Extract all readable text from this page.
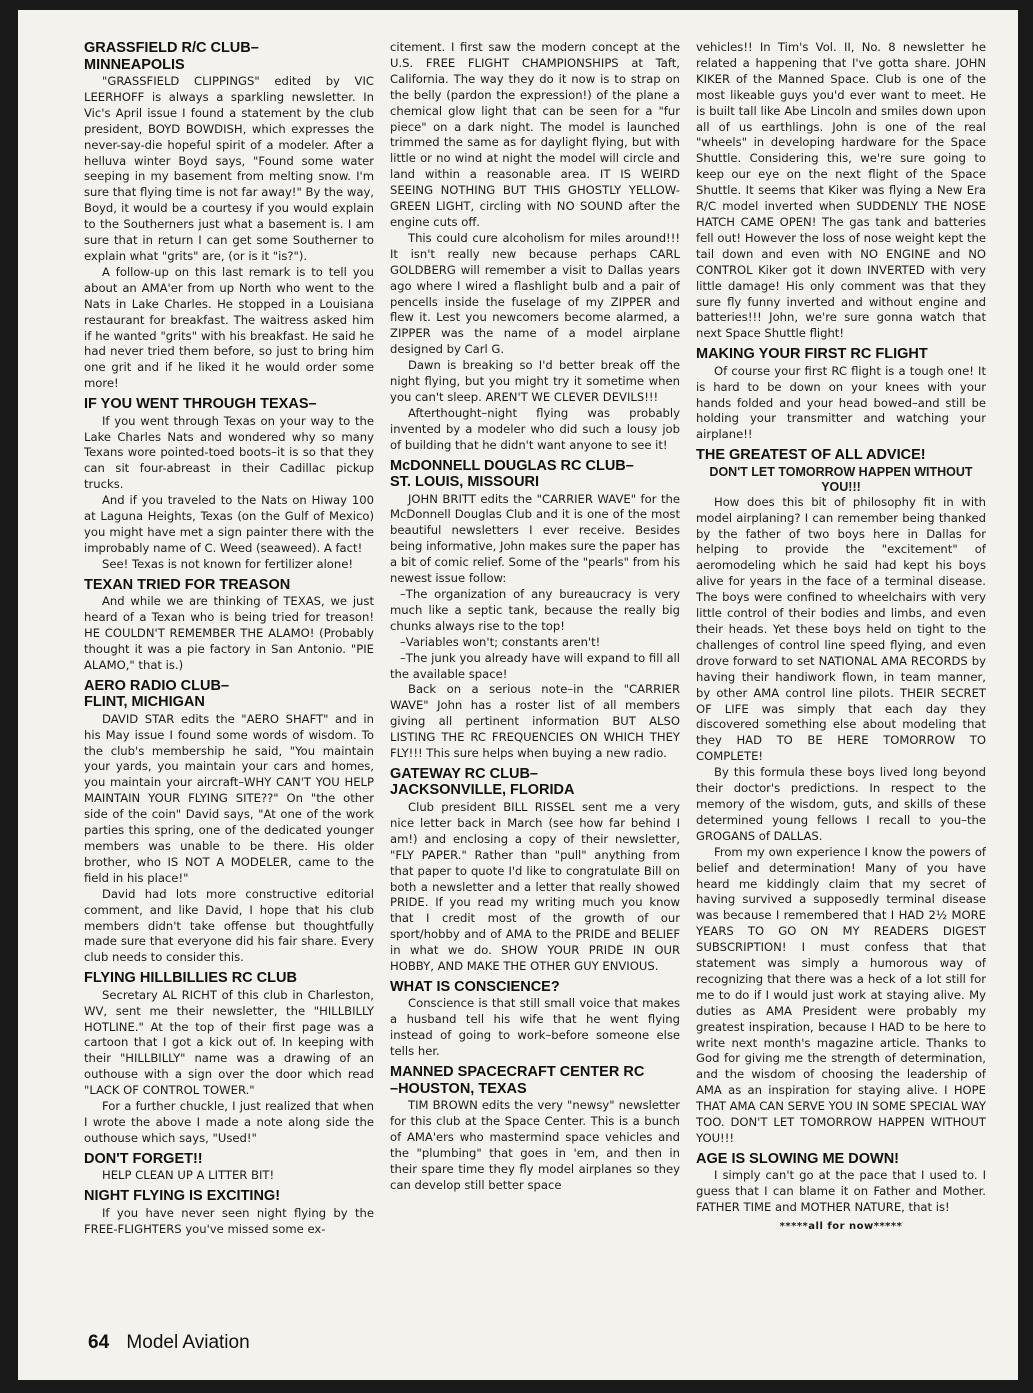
GRASSFIELD R/C CLUB–
MINNEAPOLIS

"GRASSFIELD CLIPPINGS" edited by VIC LEERHOFF is always a sparkling newsletter. In Vic's April issue I found a statement by the club president, BOYD BOWDISH, which expresses the never-say-die hopeful spirit of a modeler. After a helluva winter Boyd says, "Found some water seeping in my basement from melting snow. I'm sure that flying time is not far away!" By the way, Boyd, it would be a courtesy if you would explain to the Southerners just what a basement is. I am sure that in return I can get some Southerner to explain what "grits" are, (or is it "is?").

A follow-up on this last remark is to tell you about an AMA'er from up North who went to the Nats in Lake Charles. He stopped in a Louisiana restaurant for breakfast. The waitress asked him if he wanted "grits" with his breakfast. He said he had never tried them before, so just to bring him one grit and if he liked it he would order some more!

IF YOU WENT THROUGH TEXAS–

If you went through Texas on your way to the Lake Charles Nats and wondered why so many Texans wore pointed-toed boots–it is so that they can sit four-abreast in their Cadillac pickup trucks.

And if you traveled to the Nats on Hiway 100 at Laguna Heights, Texas (on the Gulf of Mexico) you might have met a sign painter there with the improbably name of C. Weed (seaweed). A fact!

See! Texas is not known for fertilizer alone!

TEXAN TRIED FOR TREASON

And while we are thinking of TEXAS, we just heard of a Texan who is being tried for treason! HE COULDN'T REMEMBER THE ALAMO! (Probably thought it was a pie factory in San Antonio. "PIE ALAMO," that is.)

AERO RADIO CLUB–
FLINT, MICHIGAN

DAVID STAR edits the "AERO SHAFT" and in his May issue I found some words of wisdom. To the club's membership he said, "You maintain your yards, you maintain your cars and homes, you maintain your aircraft–WHY CAN'T YOU HELP MAINTAIN YOUR FLYING SITE??" On "the other side of the coin" David says, "At one of the work parties this spring, one of the dedicated younger members was unable to be there. His older brother, who IS NOT A MODELER, came to the field in his place!"

David had lots more constructive editorial comment, and like David, I hope that his club members didn't take offense but thoughtfully made sure that everyone did his fair share. Every club needs to consider this.

FLYING HILLBILLIES RC CLUB

Secretary AL RICHT of this club in Charleston, WV, sent me their newsletter, the "HILLBILLY HOTLINE." At the top of their first page was a cartoon that I got a kick out of. In keeping with their "HILLBILLY" name was a drawing of an outhouse with a sign over the door which read "LACK OF CONTROL TOWER."

For a further chuckle, I just realized that when I wrote the above I made a note along side the outhouse which says, "Used!"

DON'T FORGET!!

HELP CLEAN UP A LITTER BIT!

NIGHT FLYING IS EXCITING!

If you have never seen night flying by the FREE-FLIGHTERS you've missed some ex-

citement. I first saw the modern concept at the U.S. FREE FLIGHT CHAMPIONSHIPS at Taft, California. The way they do it now is to strap on the belly (pardon the expression!) of the plane a chemical glow light that can be seen for a "fur piece" on a dark night. The model is launched trimmed the same as for daylight flying, but with little or no wind at night the model will circle and land within a reasonable area. IT IS WEIRD SEEING NOTHING BUT THIS GHOSTLY YELLOW-GREEN LIGHT, circling with NO SOUND after the engine cuts off.

This could cure alcoholism for miles around!!! It isn't really new because perhaps CARL GOLDBERG will remember a visit to Dallas years ago where I wired a flashlight bulb and a pair of pencells inside the fuselage of my ZIPPER and flew it. Lest you newcomers become alarmed, a ZIPPER was the name of a model airplane designed by Carl G.

Dawn is breaking so I'd better break off the night flying, but you might try it sometime when you can't sleep. AREN'T WE CLEVER DEVILS!!!

Afterthought–night flying was probably invented by a modeler who did such a lousy job of building that he didn't want anyone to see it!

McDONNELL DOUGLAS RC CLUB–
ST. LOUIS, MISSOURI

JOHN BRITT edits the "CARRIER WAVE" for the McDonnell Douglas Club and it is one of the most beautiful newsletters I ever receive. Besides being informative, John makes sure the paper has a bit of comic relief. Some of the "pearls" from his newest issue follow:

–The organization of any bureaucracy is very much like a septic tank, because the really big chunks always rise to the top!

–Variables won't; constants aren't!

–The junk you already have will expand to fill all the available space!

Back on a serious note–in the "CARRIER WAVE" John has a roster list of all members giving all pertinent information BUT ALSO LISTING THE RC FREQUENCIES ON WHICH THEY FLY!!! This sure helps when buying a new radio.

GATEWAY RC CLUB–
JACKSONVILLE, FLORIDA

Club president BILL RISSEL sent me a very nice letter back in March (see how far behind I am!) and enclosing a copy of their newsletter, "FLY PAPER." Rather than "pull" anything from that paper to quote I'd like to congratulate Bill on both a newsletter and a letter that really showed PRIDE. If you read my writing much you know that I credit most of the growth of our sport/hobby and of AMA to the PRIDE and BELIEF in what we do. SHOW YOUR PRIDE IN OUR HOBBY, AND MAKE THE OTHER GUY ENVIOUS.

WHAT IS CONSCIENCE?

Conscience is that still small voice that makes a husband tell his wife that he went flying instead of going to work–before someone else tells her.

MANNED SPACECRAFT CENTER RC
–HOUSTON, TEXAS

TIM BROWN edits the very "newsy" newsletter for this club at the Space Center. This is a bunch of AMA'ers who mastermind space vehicles and the "plumbing" that goes in 'em, and then in their spare time they fly model airplanes so they can develop still better space

vehicles!! In Tim's Vol. II, No. 8 newsletter he related a happening that I've gotta share. JOHN KIKER of the Manned Space. Club is one of the most likeable guys you'd ever want to meet. He is built tall like Abe Lincoln and smiles down upon all of us earthlings. John is one of the real "wheels" in developing hardware for the Space Shuttle. Considering this, we're sure going to keep our eye on the next flight of the Space Shuttle. It seems that Kiker was flying a New Era R/C model inverted when SUDDENLY THE NOSE HATCH CAME OPEN! The gas tank and batteries fell out! However the loss of nose weight kept the tail down and even with NO ENGINE and NO CONTROL Kiker got it down INVERTED with very little damage! His only comment was that they sure fly funny inverted and without engine and batteries!!! John, we're sure gonna watch that next Space Shuttle flight!

MAKING YOUR FIRST RC FLIGHT

Of course your first RC flight is a tough one! It is hard to be down on your knees with your hands folded and your head bowed–and still be holding your transmitter and watching your airplane!!

THE GREATEST OF ALL ADVICE!
DON'T LET TOMORROW HAPPEN WITHOUT YOU!!!

How does this bit of philosophy fit in with model airplaning? I can remember being thanked by the father of two boys here in Dallas for helping to provide the "excitement" of aeromodeling which he said had kept his boys alive for years in the face of a terminal disease. The boys were confined to wheelchairs with very little control of their bodies and limbs, and even their heads. Yet these boys held on tight to the challenges of control line speed flying, and even drove forward to set NATIONAL AMA RECORDS by having their handiwork flown, in team manner, by other AMA control line pilots. THEIR SECRET OF LIFE was simply that each day they discovered something else about modeling that they HAD TO BE HERE TOMORROW TO COMPLETE!

By this formula these boys lived long beyond their doctor's predictions. In respect to the memory of the wisdom, guts, and skills of these determined young fellows I recall to you–the GROGANS of DALLAS.

From my own experience I know the powers of belief and determination! Many of you have heard me kiddingly claim that my secret of having survived a supposedly terminal disease was because I remembered that I HAD 2½ MORE YEARS TO GO ON MY READERS DIGEST SUBSCRIPTION! I must confess that that statement was simply a humorous way of recognizing that there was a heck of a lot still for me to do if I would just work at staying alive. My duties as AMA President were probably my greatest inspiration, because I HAD to be here to write next month's magazine article. Thanks to God for giving me the strength of determination, and the wisdom of choosing the leadership of AMA as an inspiration for staying alive. I HOPE THAT AMA CAN SERVE YOU IN SOME SPECIAL WAY TOO. DON'T LET TOMORROW HAPPEN WITHOUT YOU!!!

AGE IS SLOWING ME DOWN!

I simply can't go at the pace that I used to. I guess that I can blame it on Father and Mother. FATHER TIME and MOTHER NATURE, that is!

*****all for now*****

64 Model Aviation
